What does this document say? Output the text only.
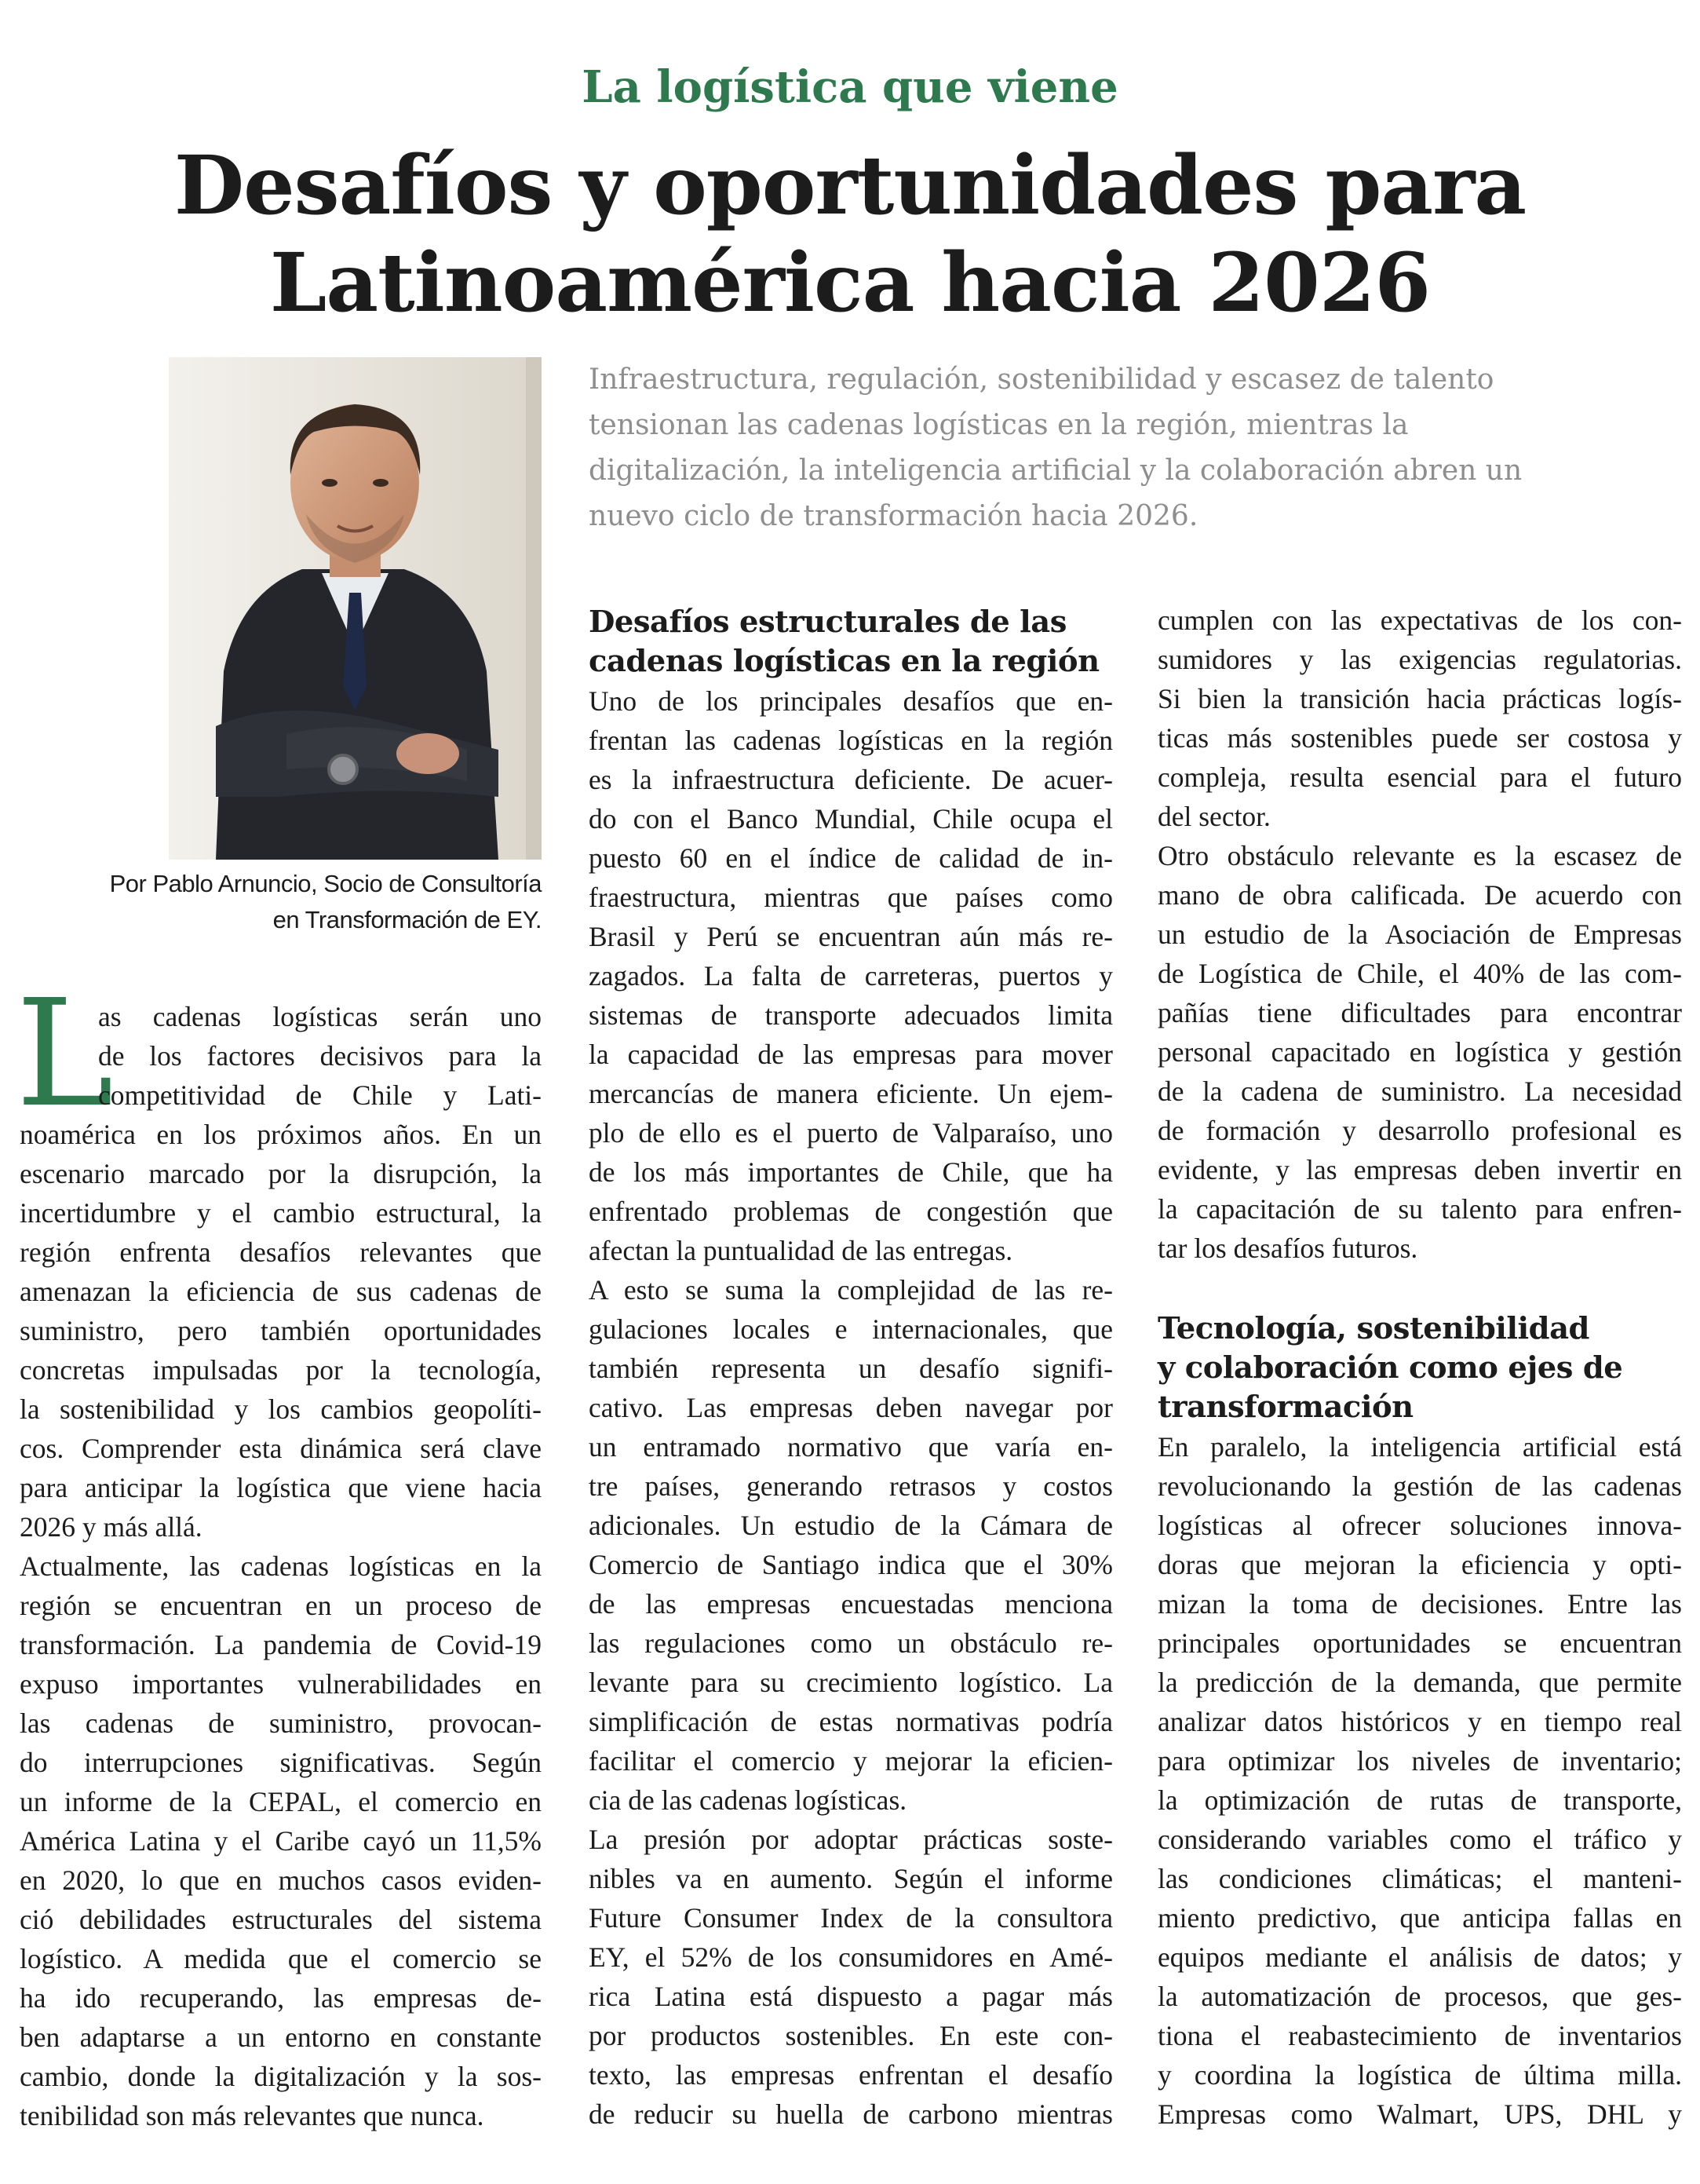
La logística que viene
Desafíos y oportunidades para
Latinoamérica hacia 2026
Por Pablo Arnuncio, Socio de Consultoría
en Transformación de EY.
Infraestructura, regulación, sostenibilidad y escasez de talento
tensionan las cadenas logísticas en la región, mientras la
digitalización, la inteligencia artificial y la colaboración abren un
nuevo ciclo de transformación hacia 2026.
L
as cadenas logísticas serán uno
de los factores decisivos para la
competitividad de Chile y Lati-
noamérica en los próximos años. En un
escenario marcado por la disrupción, la
incertidumbre y el cambio estructural, la
región enfrenta desafíos relevantes que
amenazan la eficiencia de sus cadenas de
suministro, pero también oportunidades
concretas impulsadas por la tecnología,
la sostenibilidad y los cambios geopolíti-
cos. Comprender esta dinámica será clave
para anticipar la logística que viene hacia
2026 y más allá.
Actualmente, las cadenas logísticas en la
región se encuentran en un proceso de
transformación. La pandemia de Covid-19
expuso importantes vulnerabilidades en
las cadenas de suministro, provocan-
do interrupciones significativas. Según
un informe de la CEPAL, el comercio en
América Latina y el Caribe cayó un 11,5%
en 2020, lo que en muchos casos eviden-
ció debilidades estructurales del sistema
logístico. A medida que el comercio se
ha ido recuperando, las empresas de-
ben adaptarse a un entorno en constante
cambio, donde la digitalización y la sos-
tenibilidad son más relevantes que nunca.
Desafíos estructurales de las
cadenas logísticas en la región
Uno de los principales desafíos que en-
frentan las cadenas logísticas en la región
es la infraestructura deficiente. De acuer-
do con el Banco Mundial, Chile ocupa el
puesto 60 en el índice de calidad de in-
fraestructura, mientras que países como
Brasil y Perú se encuentran aún más re-
zagados. La falta de carreteras, puertos y
sistemas de transporte adecuados limita
la capacidad de las empresas para mover
mercancías de manera eficiente. Un ejem-
plo de ello es el puerto de Valparaíso, uno
de los más importantes de Chile, que ha
enfrentado problemas de congestión que
afectan la puntualidad de las entregas.
A esto se suma la complejidad de las re-
gulaciones locales e internacionales, que
también representa un desafío signifi-
cativo. Las empresas deben navegar por
un entramado normativo que varía en-
tre países, generando retrasos y costos
adicionales. Un estudio de la Cámara de
Comercio de Santiago indica que el 30%
de las empresas encuestadas menciona
las regulaciones como un obstáculo re-
levante para su crecimiento logístico. La
simplificación de estas normativas podría
facilitar el comercio y mejorar la eficien-
cia de las cadenas logísticas.
La presión por adoptar prácticas soste-
nibles va en aumento. Según el informe
Future Consumer Index de la consultora
EY, el 52% de los consumidores en Amé-
rica Latina está dispuesto a pagar más
por productos sostenibles. En este con-
texto, las empresas enfrentan el desafío
de reducir su huella de carbono mientras
cumplen con las expectativas de los con-
sumidores y las exigencias regulatorias.
Si bien la transición hacia prácticas logís-
ticas más sostenibles puede ser costosa y
compleja, resulta esencial para el futuro
del sector.
Otro obstáculo relevante es la escasez de
mano de obra calificada. De acuerdo con
un estudio de la Asociación de Empresas
de Logística de Chile, el 40% de las com-
pañías tiene dificultades para encontrar
personal capacitado en logística y gestión
de la cadena de suministro. La necesidad
de formación y desarrollo profesional es
evidente, y las empresas deben invertir en
la capacitación de su talento para enfren-
tar los desafíos futuros.
Tecnología, sostenibilidad
y colaboración como ejes de
transformación
En paralelo, la inteligencia artificial está
revolucionando la gestión de las cadenas
logísticas al ofrecer soluciones innova-
doras que mejoran la eficiencia y opti-
mizan la toma de decisiones. Entre las
principales oportunidades se encuentran
la predicción de la demanda, que permite
analizar datos históricos y en tiempo real
para optimizar los niveles de inventario;
la optimización de rutas de transporte,
considerando variables como el tráfico y
las condiciones climáticas; el manteni-
miento predictivo, que anticipa fallas en
equipos mediante el análisis de datos; y
la automatización de procesos, que ges-
tiona el reabastecimiento de inventarios
y coordina la logística de última milla.
Empresas como Walmart, UPS, DHL y
